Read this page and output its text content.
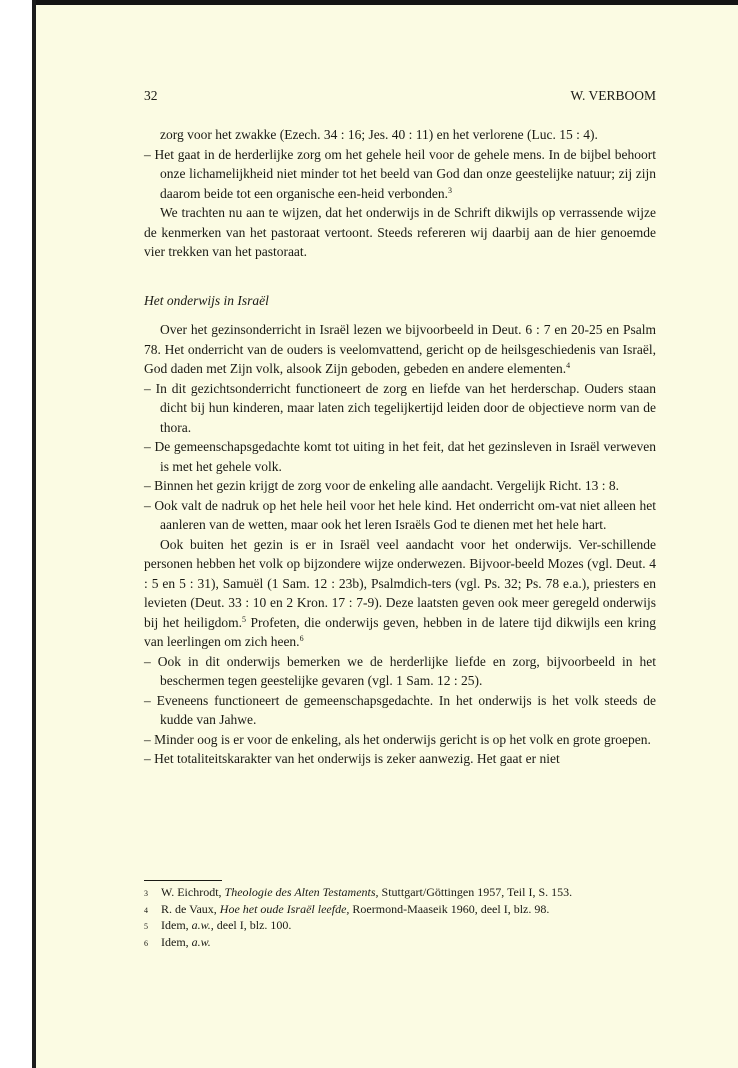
32	W. VERBOOM

zorg voor het zwakke (Ezech. 34 : 16; Jes. 40 : 11) en het verlorene (Luc. 15 : 4).

– Het gaat in de herderlijke zorg om het gehele heil voor de gehele mens. In de bijbel behoort onze lichamelijkheid niet minder tot het beeld van God dan onze geestelijke natuur; zij zijn daarom beide tot een organische een-heid verbonden.$^3$

We trachten nu aan te wijzen, dat het onderwijs in de Schrift dikwijls op verrassende wijze de kenmerken van het pastoraat vertoont. Steeds refereren wij daarbij aan de hier genoemde vier trekken van het pastoraat.

Het onderwijs in Israël

Over het gezinsonderricht in Israël lezen we bijvoorbeeld in Deut. 6 : 7 en 20-25 en Psalm 78. Het onderricht van de ouders is veelomvattend, gericht op de heilsgeschiedenis van Israël, God daden met Zijn volk, alsook Zijn geboden, gebeden en andere elementen.$^4$

– In dit gezichtsonderricht functioneert de zorg en liefde van het herderschap. Ouders staan dicht bij hun kinderen, maar laten zich tegelijkertijd leiden door de objectieve norm van de thora.

– De gemeenschapsgedachte komt tot uiting in het feit, dat het gezinsleven in Israël verweven is met het gehele volk.

– Binnen het gezin krijgt de zorg voor de enkeling alle aandacht. Vergelijk Richt. 13 : 8.

– Ook valt de nadruk op het hele heil voor het hele kind. Het onderricht om-vat niet alleen het aanleren van de wetten, maar ook het leren Israëls God te dienen met het hele hart.

Ook buiten het gezin is er in Israël veel aandacht voor het onderwijs. Ver-schillende personen hebben het volk op bijzondere wijze onderwezen. Bijvoor-beeld Mozes (vgl. Deut. 4 : 5 en 5 : 31), Samuël (1 Sam. 12 : 23b), Psalmdich-ters (vgl. Ps. 32; Ps. 78 e.a.), priesters en levieten (Deut. 33 : 10 en 2 Kron. 17 : 7-9). Deze laatsten geven ook meer geregeld onderwijs bij het heiligdom.$^5$ Profeten, die onderwijs geven, hebben in de latere tijd dikwijls een kring van leerlingen om zich heen.$^6$

– Ook in dit onderwijs bemerken we de herderlijke liefde en zorg, bijvoorbeeld in het beschermen tegen geestelijke gevaren (vgl. 1 Sam. 12 : 25).

– Eveneens functioneert de gemeenschapsgedachte. In het onderwijs is het volk steeds de kudde van Jahwe.

– Minder oog is er voor de enkeling, als het onderwijs gericht is op het volk en grote groepen.

– Het totaliteitskarakter van het onderwijs is zeker aanwezig. Het gaat er niet

3	W. Eichrodt, Theologie des Alten Testaments, Stuttgart/Göttingen 1957, Teil I, S. 153.
4	R. de Vaux, Hoe het oude Israël leefde, Roermond-Maaseik 1960, deel I, blz. 98.
5	Idem, a.w., deel I, blz. 100.
6	Idem, a.w.
